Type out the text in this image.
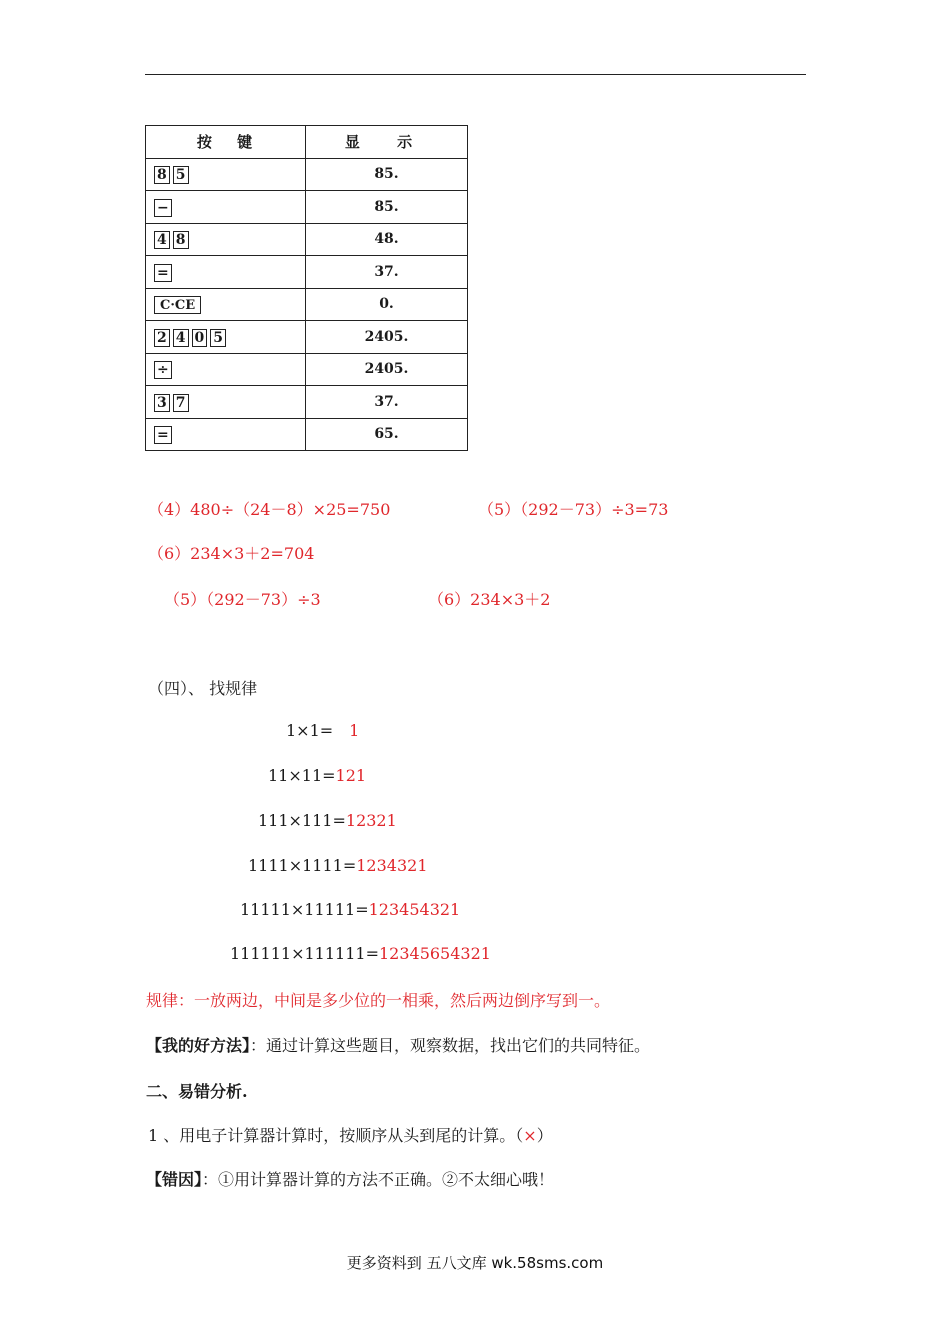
按 键	显 示
8 5	85.
−	85.
4 8	48.
=	37.
C·CE	0.
2 4 0 5	2405.
÷	2405.
3 7	37.
=	65.
（4）480÷（24－8）×25=750	（5）（292－73）÷3=73
（6）234×3＋2=704
（5）（292－73）÷3	（6）234×3＋2
（四）、 找规律
1×1= 1
11×11=121
111×111=12321
1111×1111=1234321
11111×11111=123454321
111111×111111=12345654321
规律：一放两边，中间是多少位的一相乘，然后两边倒序写到一。
【我的好方法】：通过计算这些题目，观察数据，找出它们的共同特征。
二、易错分析.
1 、用电子计算器计算时，按顺序从头到尾的计算。（×）
【错因】：①用计算器计算的方法不正确。②不太细心哦！
更多资料到 五八文库 wk.58sms.com
